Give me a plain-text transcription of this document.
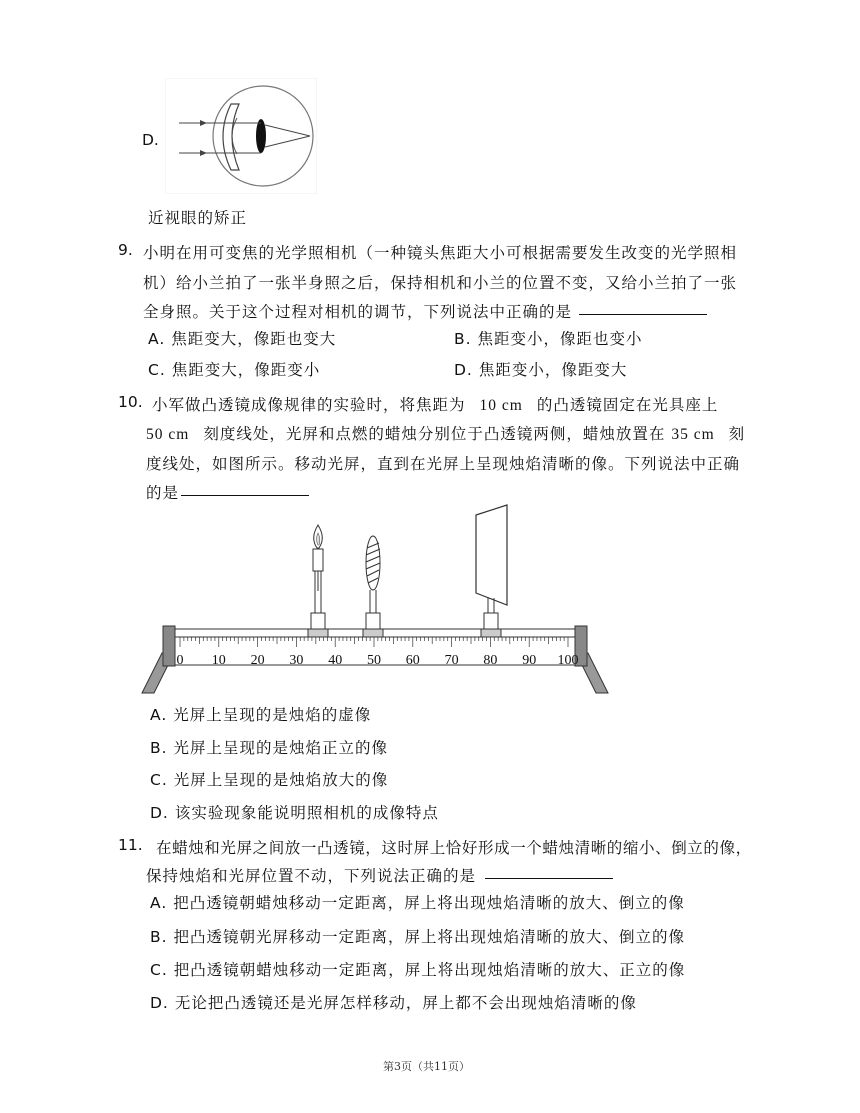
D.
近视眼的矫正
9. 小明在用可变焦的光学照相机（一种镜头焦距大小可根据需要发生改变的光学照相
机）给小兰拍了一张半身照之后，保持相机和小兰的位置不变，又给小兰拍了一张
全身照。关于这个过程对相机的调节，下列说法中正确的是
A. 焦距变大，像距也变大	B. 焦距变小，像距也变小
C. 焦距变大，像距变小	D. 焦距变小，像距变大
10. 小军做凸透镜成像规律的实验时，将焦距为 10 cm 的凸透镜固定在光具座上
50 cm 刻度线处，光屏和点燃的蜡烛分别位于凸透镜两侧，蜡烛放置在 35 cm 刻
度线处，如图所示。移动光屏，直到在光屏上呈现烛焰清晰的像。下列说法中正确
的是
0 10 20 30 40 50 60 70 80 90 100
A. 光屏上呈现的是烛焰的虚像
B. 光屏上呈现的是烛焰正立的像
C. 光屏上呈现的是烛焰放大的像
D. 该实验现象能说明照相机的成像特点
11. 在蜡烛和光屏之间放一凸透镜，这时屏上恰好形成一个蜡烛清晰的缩小、倒立的像，
保持烛焰和光屏位置不动，下列说法正确的是
A. 把凸透镜朝蜡烛移动一定距离，屏上将出现烛焰清晰的放大、倒立的像
B. 把凸透镜朝光屏移动一定距离，屏上将出现烛焰清晰的放大、倒立的像
C. 把凸透镜朝蜡烛移动一定距离，屏上将出现烛焰清晰的放大、正立的像
D. 无论把凸透镜还是光屏怎样移动，屏上都不会出现烛焰清晰的像
第3页（共11页）
